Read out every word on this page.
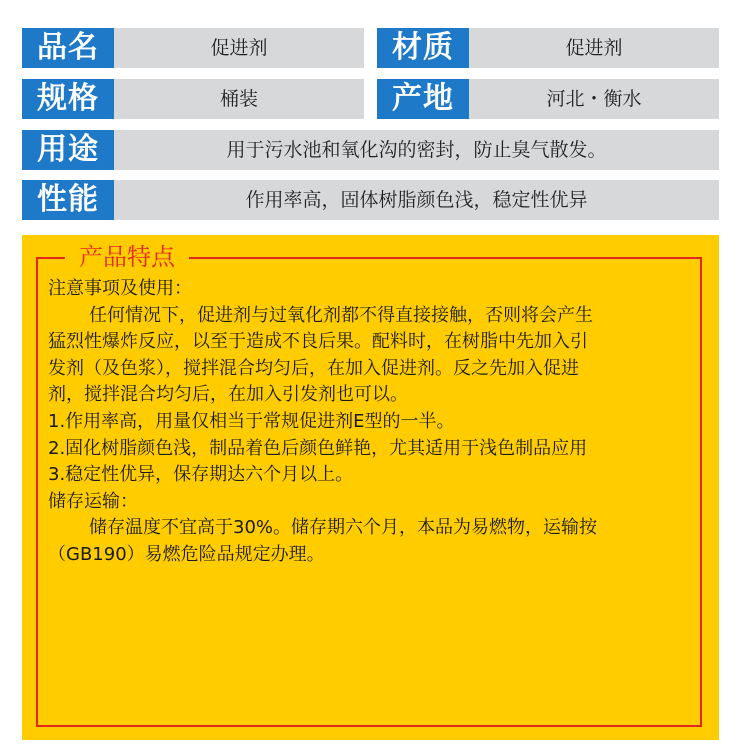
品名	促进剂	材质	促进剂
规格	桶装	产地	河北・衡水
用途	用于污水池和氧化沟的密封，防止臭气散发。
性能	作用率高，固体树脂颜色浅，稳定性优异
产品特点

注意事项及使用：

任何情况下，促进剂与过氧化剂都不得直接接触，否则将会产生

猛烈性爆炸反应，以至于造成不良后果。配料时，在树脂中先加入引

发剂（及色浆），搅拌混合均匀后，在加入促进剂。反之先加入促进

剂，搅拌混合均匀后，在加入引发剂也可以。

1.作用率高，用量仅相当于常规促进剂E型的一半。

2.固化树脂颜色浅，制品着色后颜色鲜艳，尤其适用于浅色制品应用

3.稳定性优异，保存期达六个月以上。

储存运输：

储存温度不宜高于30%。储存期六个月，本品为易燃物，运输按

（GB190）易燃危险品规定办理。
